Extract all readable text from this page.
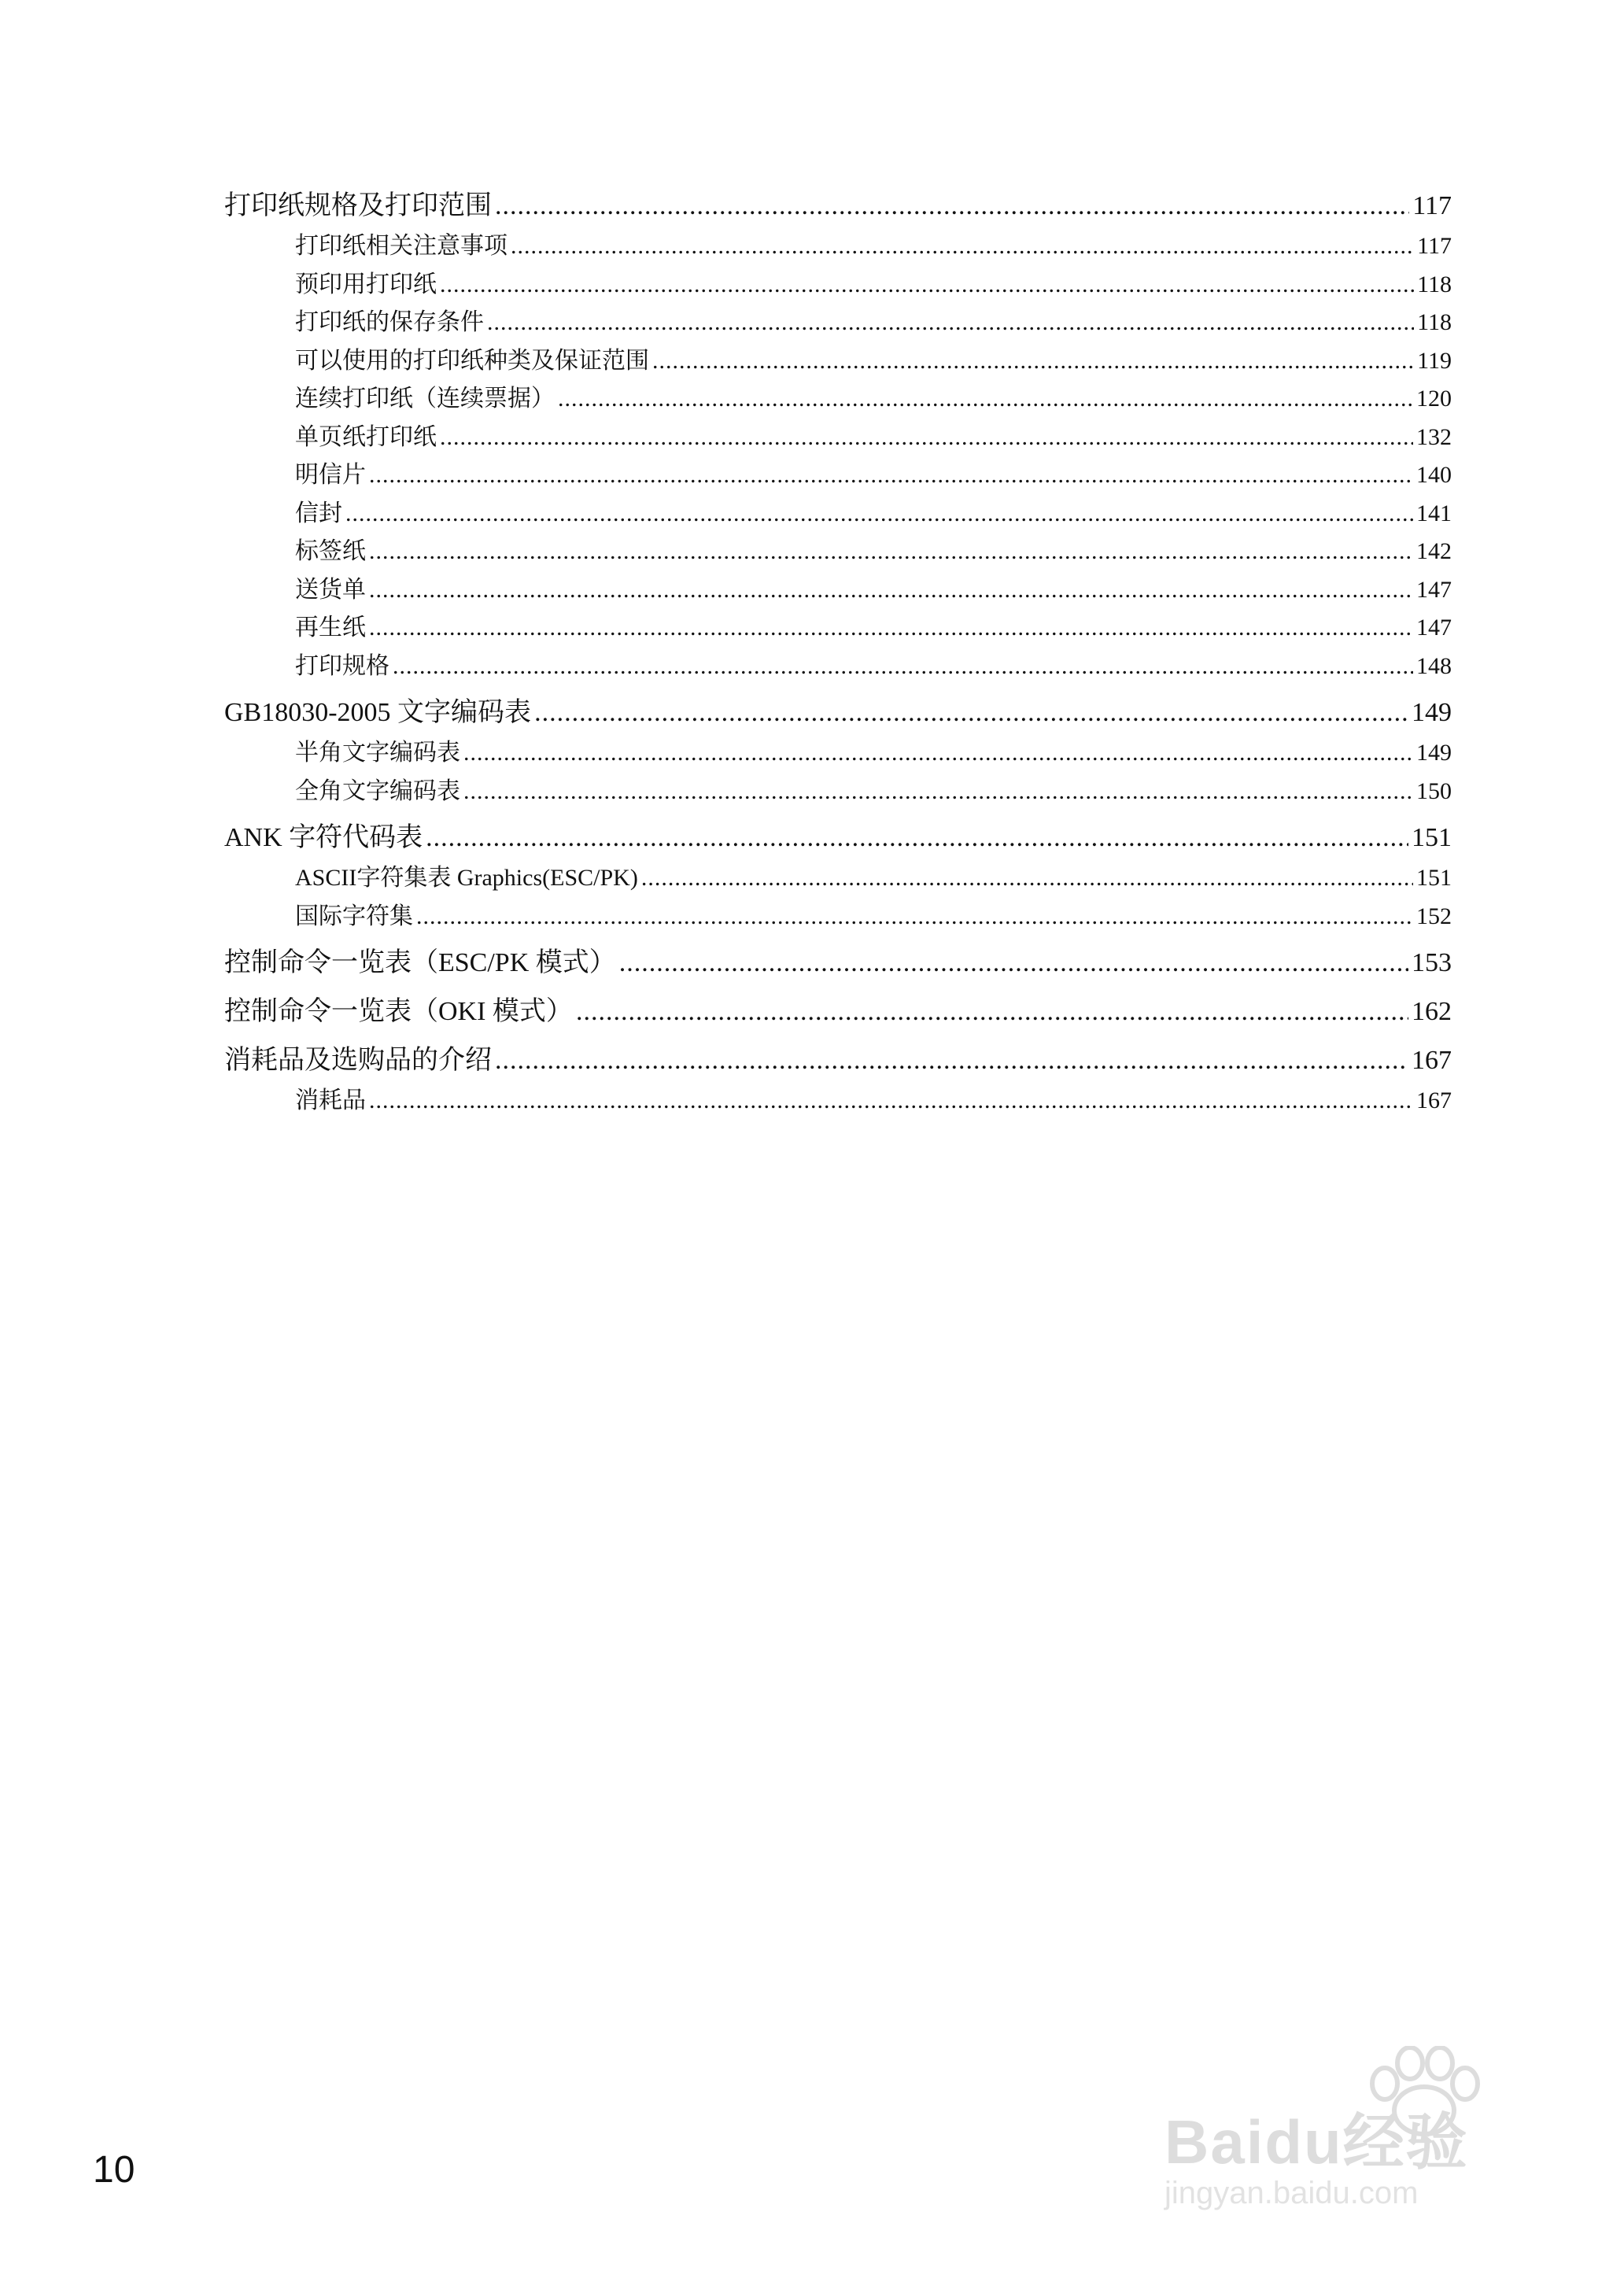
打印纸规格及打印范围 .....	117
打印纸相关注意事项 .....	117
预印用打印纸 .....	118
打印纸的保存条件 .....	118
可以使用的打印纸种类及保证范围 .....	119
连续打印纸（连续票据） .....	120
单页纸打印纸 .....	132
明信片 .....	140
信封 .....	141
标签纸 .....	142
送货单 .....	147
再生纸 .....	147
打印规格 .....	148
GB18030-2005 文字编码表 .....	149
半角文字编码表 .....	149
全角文字编码表 .....	150
ANK 字符代码表 .....	151
ASCII字符集表 Graphics(ESC/PK) .....	151
国际字符集 .....	152
控制命令一览表（ESC/PK 模式） .....	153
控制命令一览表（OKI 模式） .....	162
消耗品及选购品的介绍 .....	167
消耗品 .....	167
10	Baidu经验
jingyan.baidu.com
